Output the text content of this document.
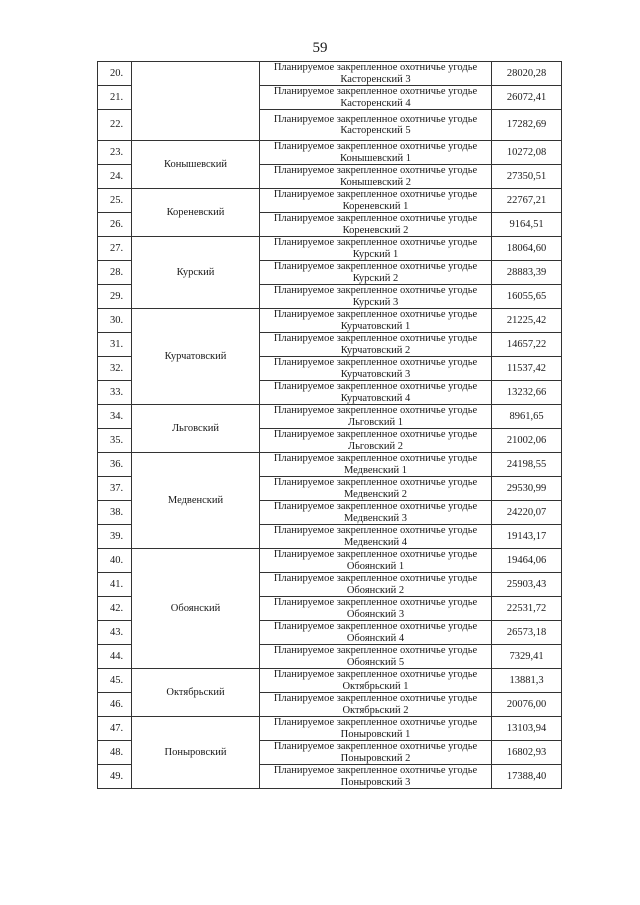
59
20.		Планируемое закрепленное охотничье угодье
Касторенский 3	28020,28
21.		Планируемое закрепленное охотничье угодье
Касторенский 4	26072,41
22.		Планируемое закрепленное охотничье угодье
Касторенский 5	17282,69
23.	Конышевский	Планируемое закрепленное охотничье угодье
Конышевский 1	10272,08
24.		Планируемое закрепленное охотничье угодье
Конышевский 2	27350,51
25.	Кореневский	Планируемое закрепленное охотничье угодье
Кореневский 1	22767,21
26.		Планируемое закрепленное охотничье угодье
Кореневский 2	9164,51
27.	Курский	Планируемое закрепленное охотничье угодье
Курский 1	18064,60
28.		Планируемое закрепленное охотничье угодье
Курский 2	28883,39
29.		Планируемое закрепленное охотничье угодье
Курский 3	16055,65
30.	Курчатовский	Планируемое закрепленное охотничье угодье
Курчатовский 1	21225,42
31.		Планируемое закрепленное охотничье угодье
Курчатовский 2	14657,22
32.		Планируемое закрепленное охотничье угодье
Курчатовский 3	11537,42
33.		Планируемое закрепленное охотничье угодье
Курчатовский 4	13232,66
34.	Льговский	Планируемое закрепленное охотничье угодье
Льговский 1	8961,65
35.		Планируемое закрепленное охотничье угодье
Льговский 2	21002,06
36.	Медвенский	Планируемое закрепленное охотничье угодье
Медвенский 1	24198,55
37.		Планируемое закрепленное охотничье угодье
Медвенский 2	29530,99
38.		Планируемое закрепленное охотничье угодье
Медвенский 3	24220,07
39.		Планируемое закрепленное охотничье угодье
Медвенский 4	19143,17
40.	Обоянский	Планируемое закрепленное охотничье угодье
Обоянский 1	19464,06
41.		Планируемое закрепленное охотничье угодье
Обоянский 2	25903,43
42.		Планируемое закрепленное охотничье угодье
Обоянский 3	22531,72
43.		Планируемое закрепленное охотничье угодье
Обоянский 4	26573,18
44.		Планируемое закрепленное охотничье угодье
Обоянский 5	7329,41
45.	Октябрьский	Планируемое закрепленное охотничье угодье
Октябрьский 1	13881,3
46.		Планируемое закрепленное охотничье угодье
Октябрьский 2	20076,00
47.	Поныровский	Планируемое закрепленное охотничье угодье
Поныровский 1	13103,94
48.		Планируемое закрепленное охотничье угодье
Поныровский 2	16802,93
49.		Планируемое закрепленное охотничье угодье
Поныровский 3	17388,40
